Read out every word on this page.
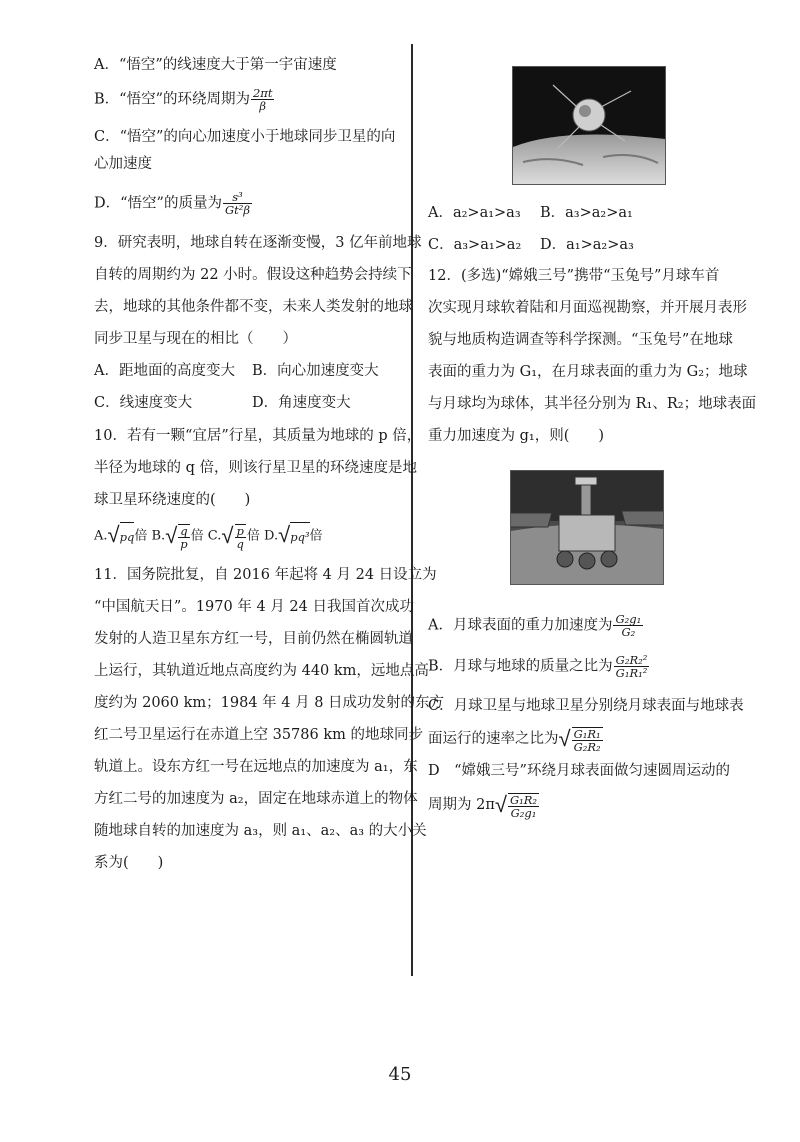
A．“悟空”的线速度大于第一宇宙速度
B．“悟空”的环绕周期为 $\frac{2\pi t}{\beta}$
C．“悟空”的向心加速度小于地球同步卫星的向
心加速度
D．“悟空”的质量为 $\frac{\text{s³}}{\text{Gt²β}}$
9．研究表明，地球自转在逐渐变慢，3 亿年前地球
自转的周期约为 22 小时。假设这种趋势会持续下
去，地球的其他条件都不变，未来人类发射的地球
同步卫星与现在的相比（　　）
A．距地面的高度变大 B．向心加速度变大
C．线速度变大	D．角速度变大
10．若有一颗“宜居”行星，其质量为地球的 p 倍，
半径为地球的 q 倍，则该行星卫星的环绕速度是地
球卫星环绕速度的(　　)
A.√pq倍 $B.√ \frac{q}{p}$ 倍 $C.√ \frac{p}{q}$ 倍 D.√pq³倍
11．国务院批复，自 2016 年起将 4 月 24 日设立为
“中国航天日”。1970 年 4 月 24 日我国首次成功
发射的人造卫星东方红一号，目前仍然在椭圆轨道
上运行，其轨道近地点高度约为 440 km，远地点高
度约为 2060 km；1984 年 4 月 8 日成功发射的东方
红二号卫星运行在赤道上空 35786 km 的地球同步
轨道上。设东方红一号在远地点的加速度为 a₁，东
方红二号的加速度为 a₂，固定在地球赤道上的物体
随地球自转的加速度为 a₃，则 a₁、a₂、a₃ 的大小关
系为(　　)
A．a₂>a₁>a₃ B．a₃>a₂>a₁
C．a₃>a₁>a₂ D．a₁>a₂>a₃
12．(多选)“嫦娥三号”携带“玉兔号”月球车首
次实现月球软着陆和月面巡视勘察，并开展月表形
貌与地质构造调查等科学探测。“玉兔号”在地球
表面的重力为 G₁，在月球表面的重力为 G₂；地球
与月球均为球体，其半径分别为 R₁、R₂；地球表面
重力加速度为 g₁，则(　　)
A．月球表面的重力加速度为 $\frac{\text{G₂g₁}}{\text{G₂}}$
B．月球与地球的质量之比为 $\frac{\text{G₂R₂²}}{\text{G₁R₁²}}$
C．月球卫星与地球卫星分别绕月球表面与地球表
面运行的速率之比为√ $\frac{\text{G₁R₁}}{\text{G₂R₂}}$
D　“嫦娥三号”环绕月球表面做匀速圆周运动的
周期为 $2\pi√ \frac{\text{G₁R₂}}{\text{G₂g₁}}$
45
